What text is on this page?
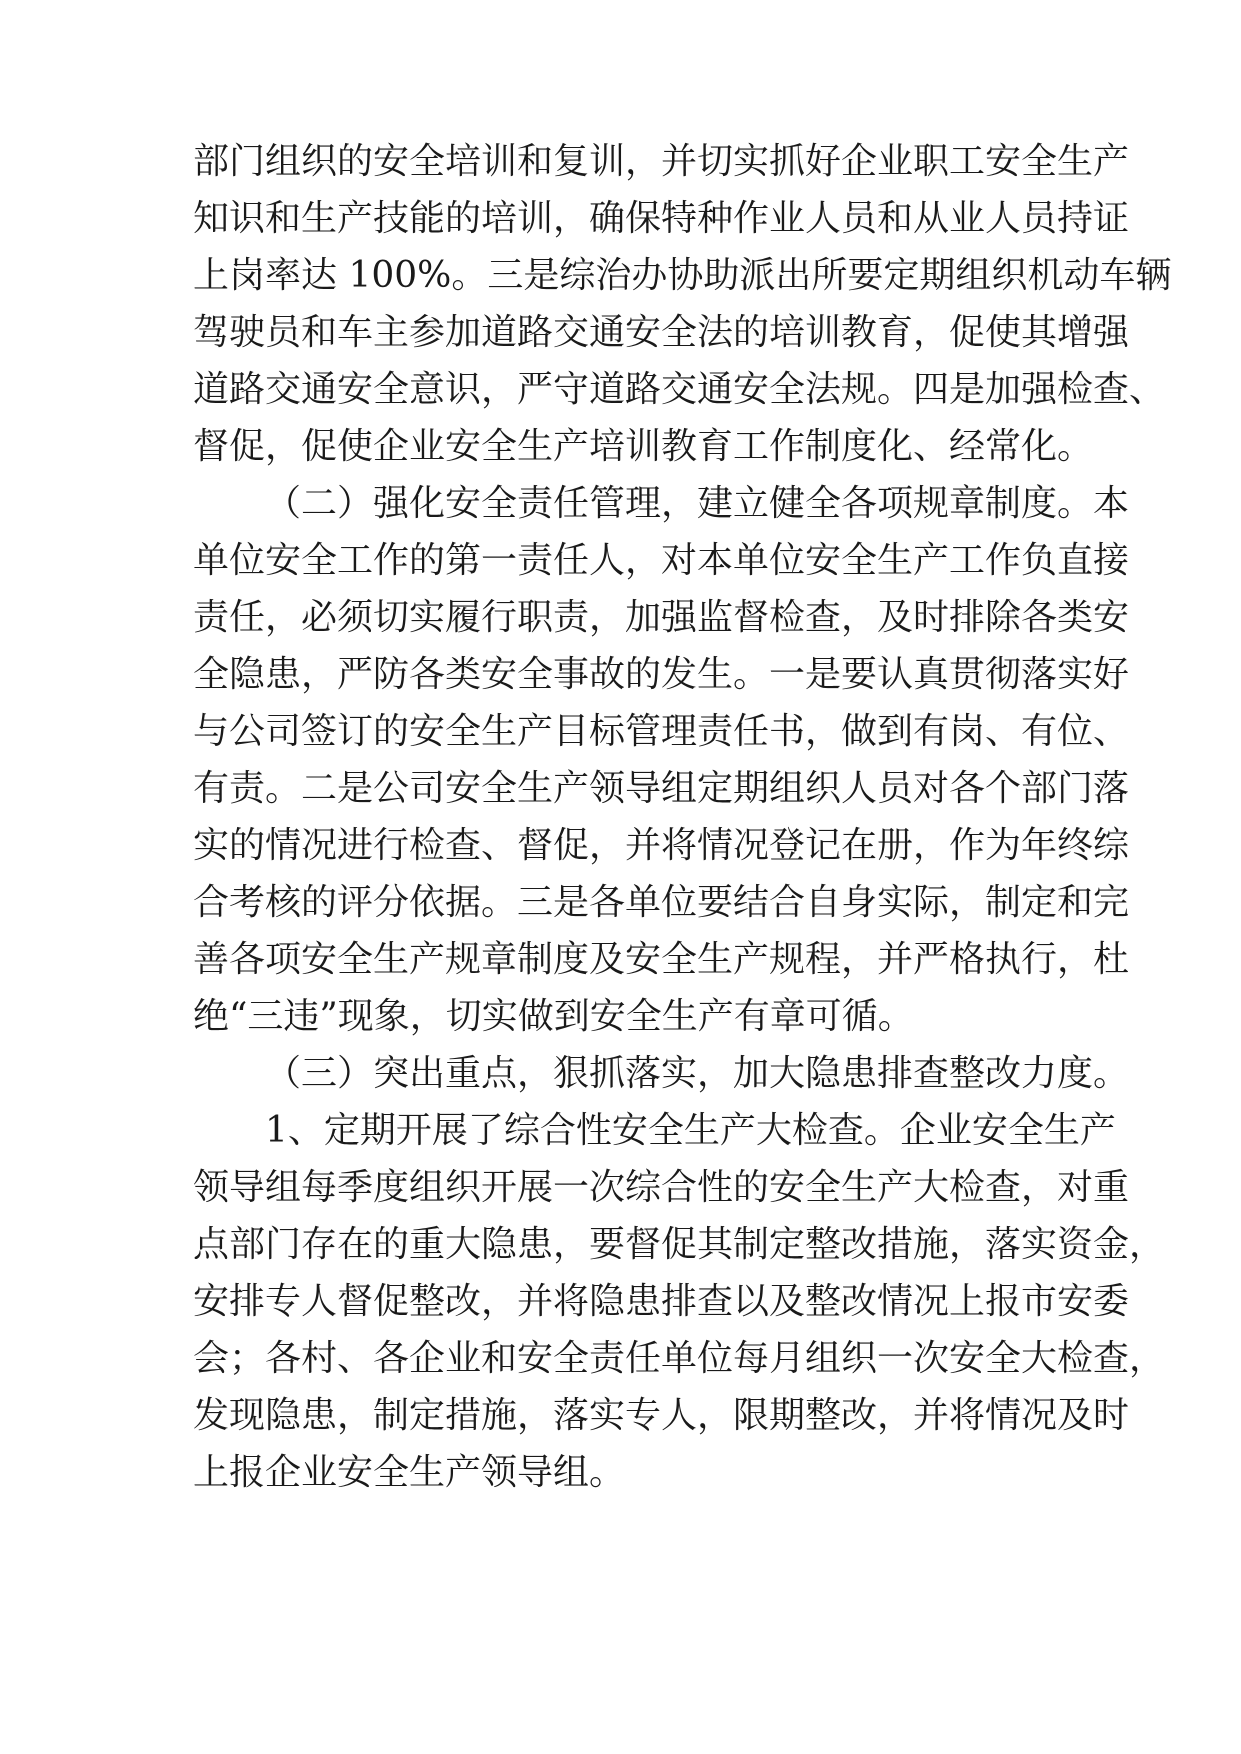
部门组织的安全培训和复训，并切实抓好企业职工安全生产
知识和生产技能的培训，确保特种作业人员和从业人员持证
上岗率达 100%。三是综治办协助派出所要定期组织机动车辆
驾驶员和车主参加道路交通安全法的培训教育，促使其增强
道路交通安全意识，严守道路交通安全法规。四是加强检查、
督促，促使企业安全生产培训教育工作制度化、经常化。
（二）强化安全责任管理，建立健全各项规章制度。本
单位安全工作的第一责任人，对本单位安全生产工作负直接
责任，必须切实履行职责，加强监督检查，及时排除各类安
全隐患，严防各类安全事故的发生。一是要认真贯彻落实好
与公司签订的安全生产目标管理责任书，做到有岗、有位、
有责。二是公司安全生产领导组定期组织人员对各个部门落
实的情况进行检查、督促，并将情况登记在册，作为年终综
合考核的评分依据。三是各单位要结合自身实际，制定和完
善各项安全生产规章制度及安全生产规程，并严格执行，杜
绝“三违”现象，切实做到安全生产有章可循。
（三）突出重点，狠抓落实，加大隐患排查整改力度。
1、定期开展了综合性安全生产大检查。企业安全生产
领导组每季度组织开展一次综合性的安全生产大检查，对重
点部门存在的重大隐患，要督促其制定整改措施，落实资金，
安排专人督促整改，并将隐患排查以及整改情况上报市安委
会；各村、各企业和安全责任单位每月组织一次安全大检查，
发现隐患，制定措施，落实专人，限期整改，并将情况及时
上报企业安全生产领导组。
